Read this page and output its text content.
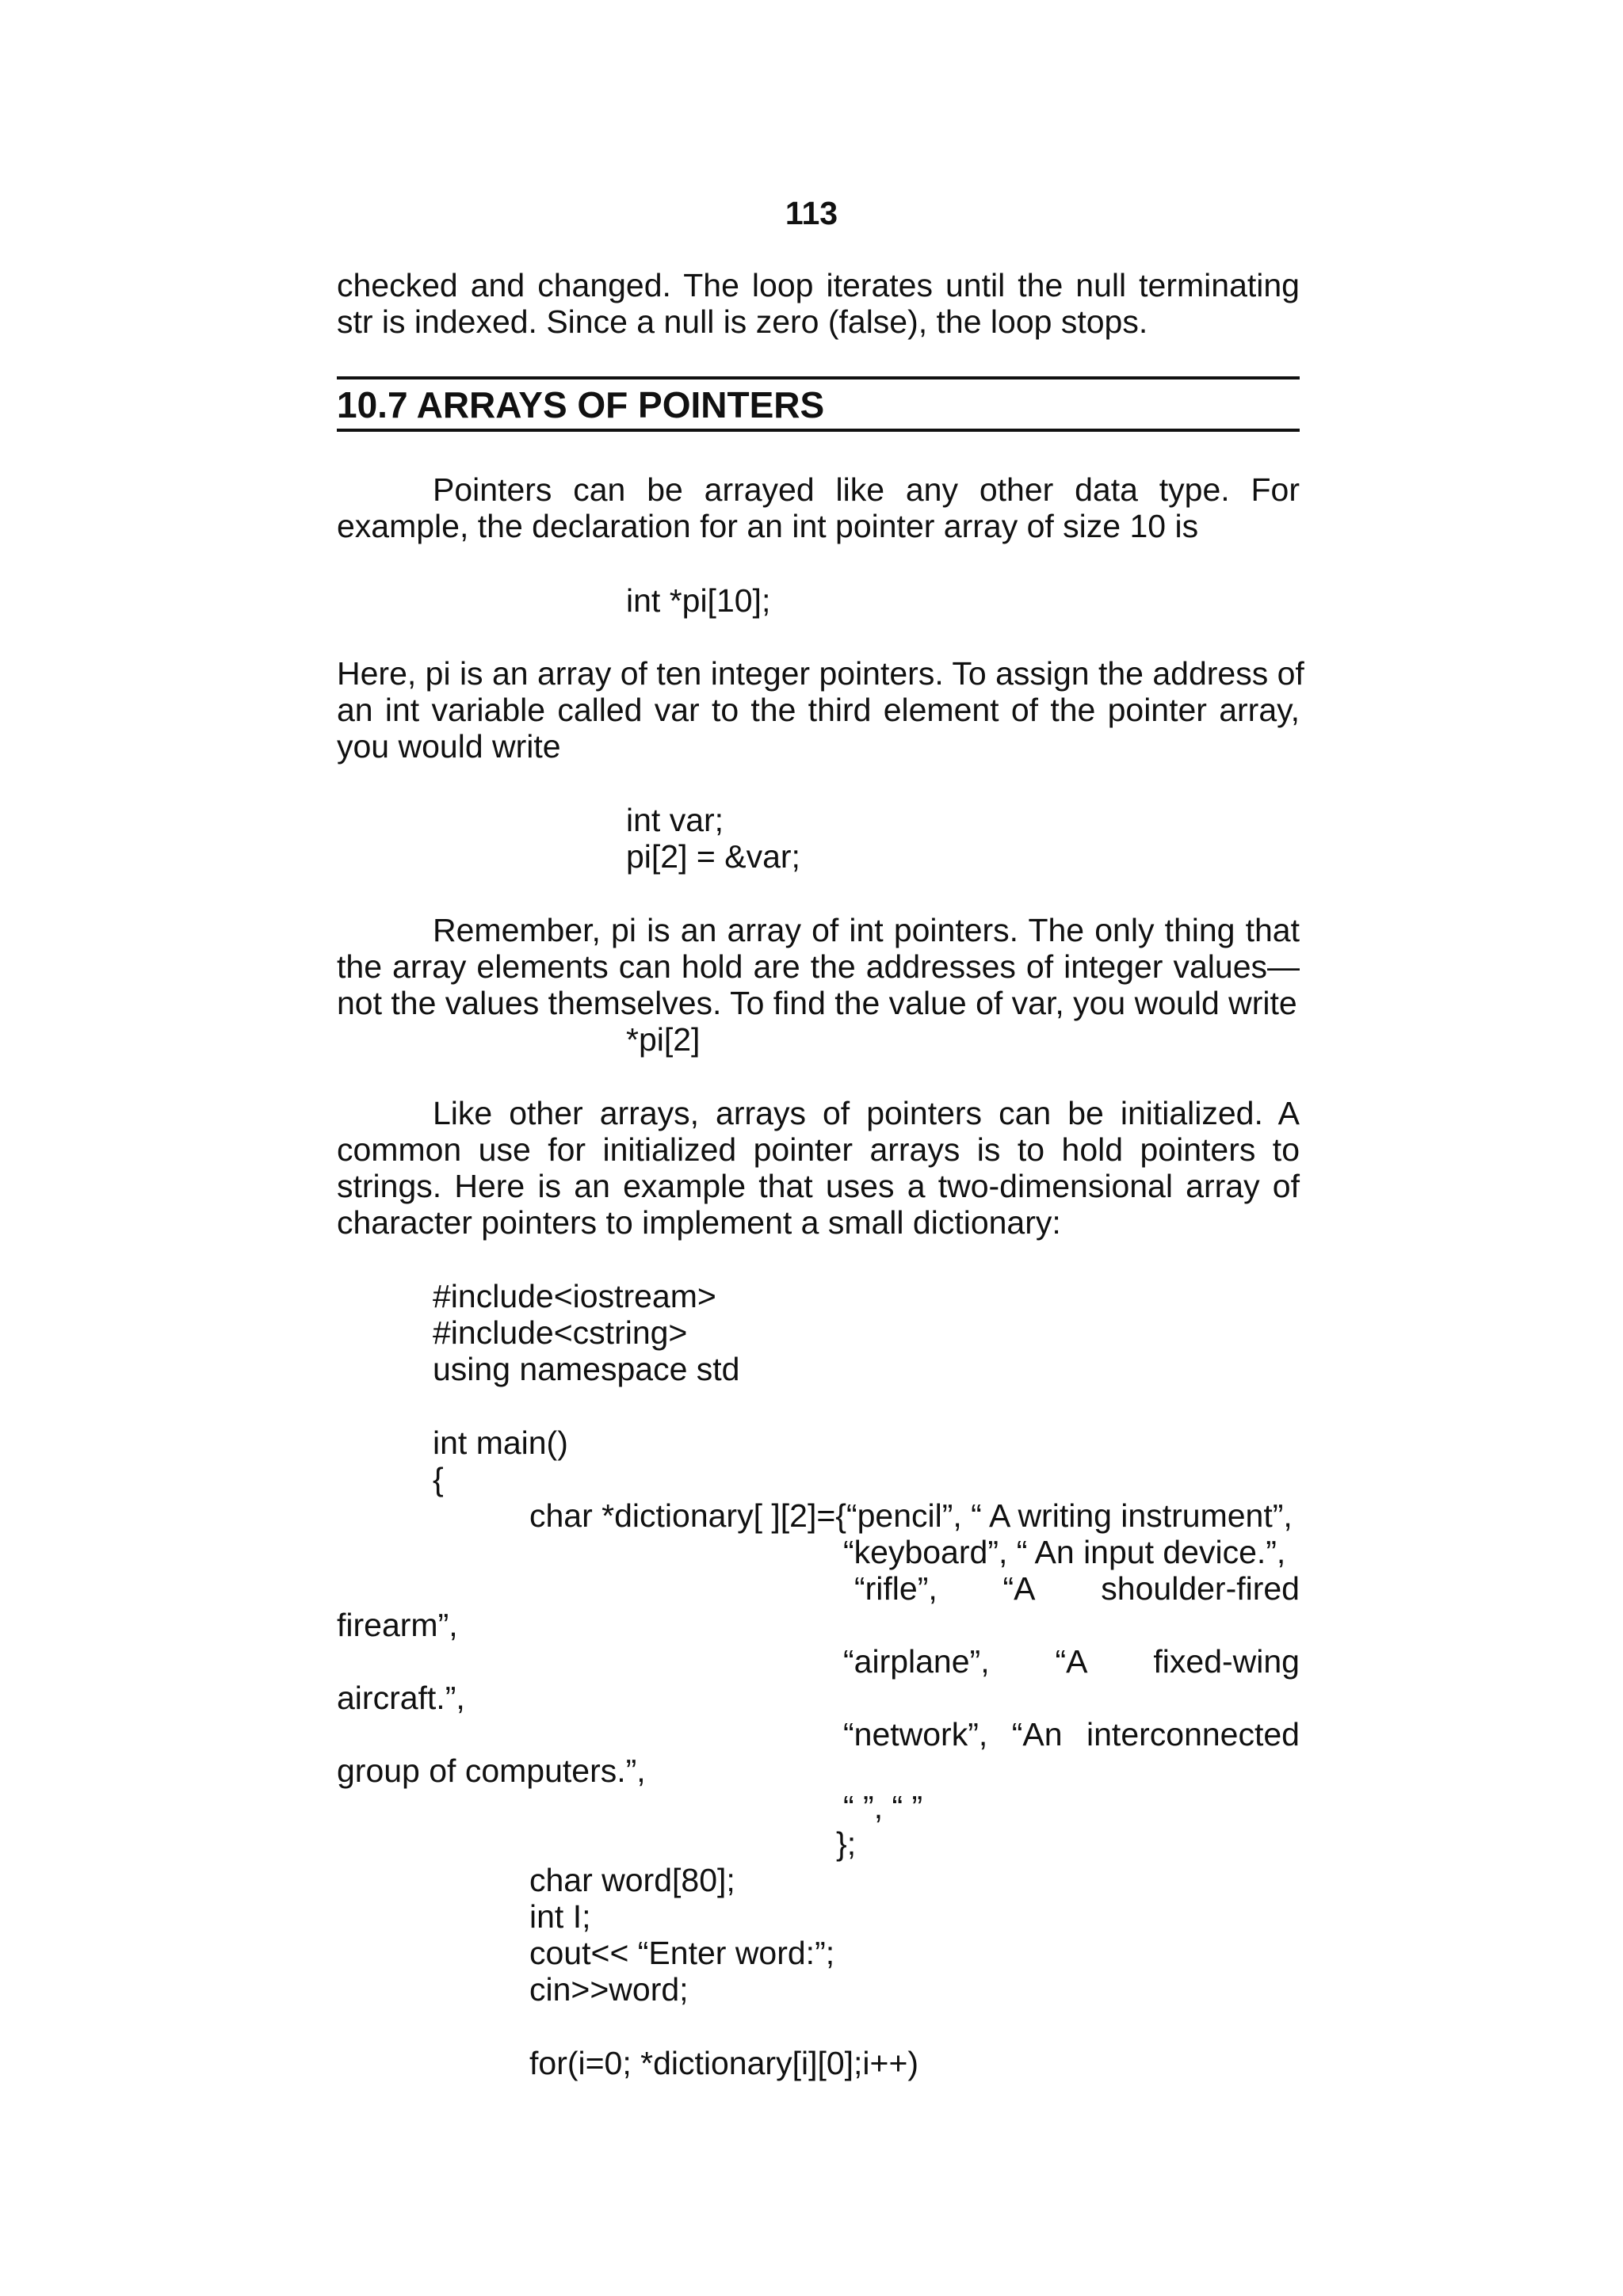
113
checked and changed. The loop iterates until the null terminating
str is indexed. Since a null is zero (false), the loop stops.
10.7 ARRAYS OF POINTERS
Pointers can be arrayed like any other data type. For
example, the declaration for an int pointer array of size 10 is
int *pi[10];
Here, pi is an array of ten integer pointers. To assign the address of
an int variable called var to the third element of the pointer array,
you would write
int var;
pi[2] = &var;
Remember, pi is an array of int pointers. The only thing that
the array elements can hold are the addresses of integer values—
not the values themselves. To find the value of var, you would write
*pi[2]
Like other arrays, arrays of pointers can be initialized. A
common use for initialized pointer arrays is to hold pointers to
strings. Here is an example that uses a two-dimensional array of
character pointers to implement a small dictionary:
#include<iostream>
#include<cstring>
using namespace std
int main()
{
char *dictionary[ ][2]={“pencil”, “ A writing instrument”,
“keyboard”, “ An input device.”,
“rifle”, “A shoulder-fired
firearm”,
“airplane”, “A fixed-wing
aircraft.”,
“network”, “An interconnected
group of computers.”,
“ ”, “ ”
};
char word[80];
int I;
cout<< “Enter word:”;
cin>>word;
for(i=0; *dictionary[i][0];i++)
